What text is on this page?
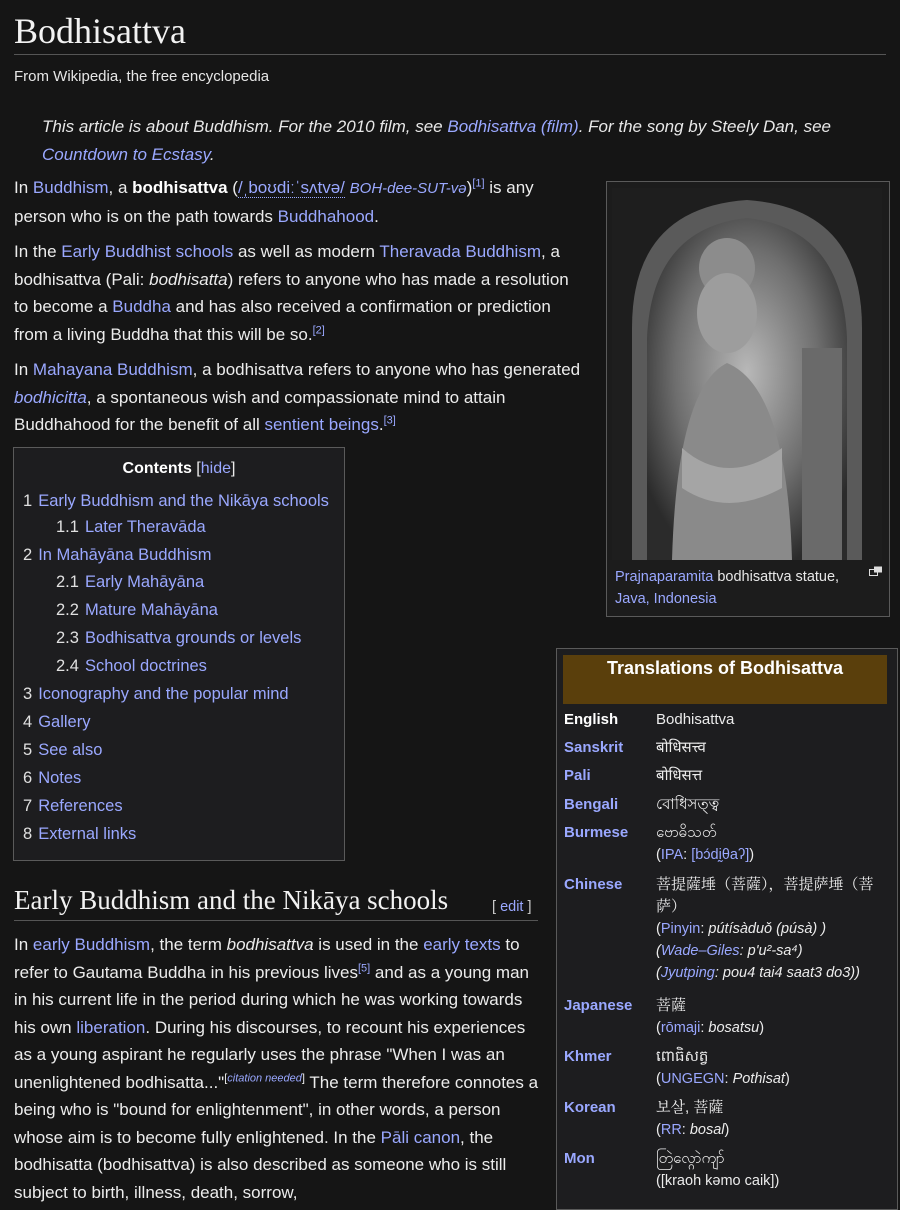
Bodhisattva
From Wikipedia, the free encyclopedia
This article is about Buddhism. For the 2010 film, see Bodhisattva (film). For the song by Steely Dan, see Countdown to Ecstasy.
In Buddhism, a bodhisattva (/ˌboʊdiːˈsʌtvə/ BOH-dee-SUT-və)[1] is any person who is on the path towards Buddhahood.
In the Early Buddhist schools as well as modern Theravada Buddhism, a bodhisattva (Pali: bodhisatta) refers to anyone who has made a resolution to become a Buddha and has also received a confirmation or prediction from a living Buddha that this will be so.[2]
In Mahayana Buddhism, a bodhisattva refers to anyone who has generated bodhicitta, a spontaneous wish and compassionate mind to attain Buddhahood for the benefit of all sentient beings.[3]
Prajnaparamita bodhisattva statue, Java, Indonesia
Contents [hide]
1 Early Buddhism and the Nikāya schools
1.1 Later Theravāda
2 In Mahāyāna Buddhism
2.1 Early Mahāyāna
2.2 Mature Mahāyāna
2.3 Bodhisattva grounds or levels
2.4 School doctrines
3 Iconography and the popular mind
4 Gallery
5 See also
6 Notes
7 References
8 External links
Early Buddhism and the Nikāya schools	[ edit ]
In early Buddhism, the term bodhisattva is used in the early texts to refer to Gautama Buddha in his previous lives[5] and as a young man in his current life in the period during which he was working towards his own liberation. During his discourses, to recount his experiences as a young aspirant he regularly uses the phrase "When I was an unenlightened bodhisatta..."[citation needed] The term therefore connotes a being who is "bound for enlightenment", in other words, a person whose aim is to become fully enlightened. In the Pāli canon, the bodhisatta (bodhisattva) is also described as someone who is still subject to birth, illness, death, sorrow,
Translations of Bodhisattva
English	Bodhisattva
Sanskrit बोधिसत्त्व
Pali	बोधिसत्त
Bengali	বোধিসত্ত্ব
Burmese ဗောဓိသတ်
(IPA: [bɔ́dḭθaʔ])
Chinese 菩提薩埵（菩薩），菩提萨埵（菩萨）
(Pinyin: pútísàduǒ (púsà) )
(Wade–Giles: p'u²-sa⁴)
(Jyutping: pou4 tai4 saat3 do3))
Japanese 菩薩
(rōmaji: bosatsu)
Khmer	ពោធិសត្វ
(UNGEGN: Pothisat)
Korean	보살, 菩薩
(RR: bosal)
Mon	တြဲလ္ဂောဲကျာ်
([kraoh kəmo caik])
